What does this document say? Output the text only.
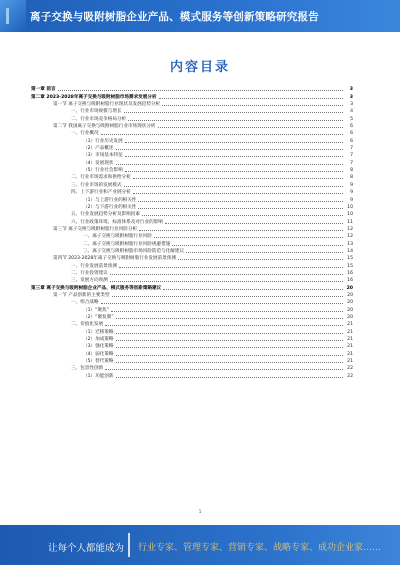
离子交换与吸附树脂企业产品、模式服务等创新策略研究报告
内容目录
第一章 前言	3
第二章 2023-2028年离子交换与吸附树脂市场需求发展分析	3
第一节 离子交换与吸附树脂行业现状及发展趋势分析	3
一、行业市场规模与增长	4
二、行业市场竞争格局分析	5
第二节 我国离子交换与吸附树脂行业市场现状分析	6
一、行业概况	6
（1）行业历史发展	6
（2）产品概述	7
（3）市场基本特征	7
（4）发展现状	7
（5）行业社会影响	8
二、行业市场需求和供给分析	8
三、行业市场的发展模式	9
四、上下游行业和产业链分析	9
（1）与上游行业的相关性	9
（2）与下游行业的相关性	10
五、行业发展趋势分析及影响因素	10
六、行业政策环境、标准体系及对行业的影响	11
第三节 离子交换与吸附树脂行业风险分析	12
一、离子交换与吸附树脂行业风险	12
二、离子交换与吸附树脂行业风险规避措施	13
三、离子交换与吸附树脂市场风险防范与化解建议	14
第四节 2023-2028年离子交换与吸附树脂行业发展前景预测	15
一、行业发展前景预测	15
二、行业投资建议	16
三、发展方向预测	16
第三章 离子交换与吸附树脂企业产品、模式服务等创新策略建议	20
第一节 产品创新的主要类型	20
一、组合战略	20
（1）“聚焦”	20
（2）“聚复制”	20
二、价值化发展	21
（1）迁移策略	21
（2）加成策略	21
（3）强化策略	21
（4）弱化策略	21
（5）替代策略	21
三、包容性创新	22
（1）功能创新	22
1
让每个人都能成为 行业专家、管理专家、营销专家、战略专家、成功企业家……
